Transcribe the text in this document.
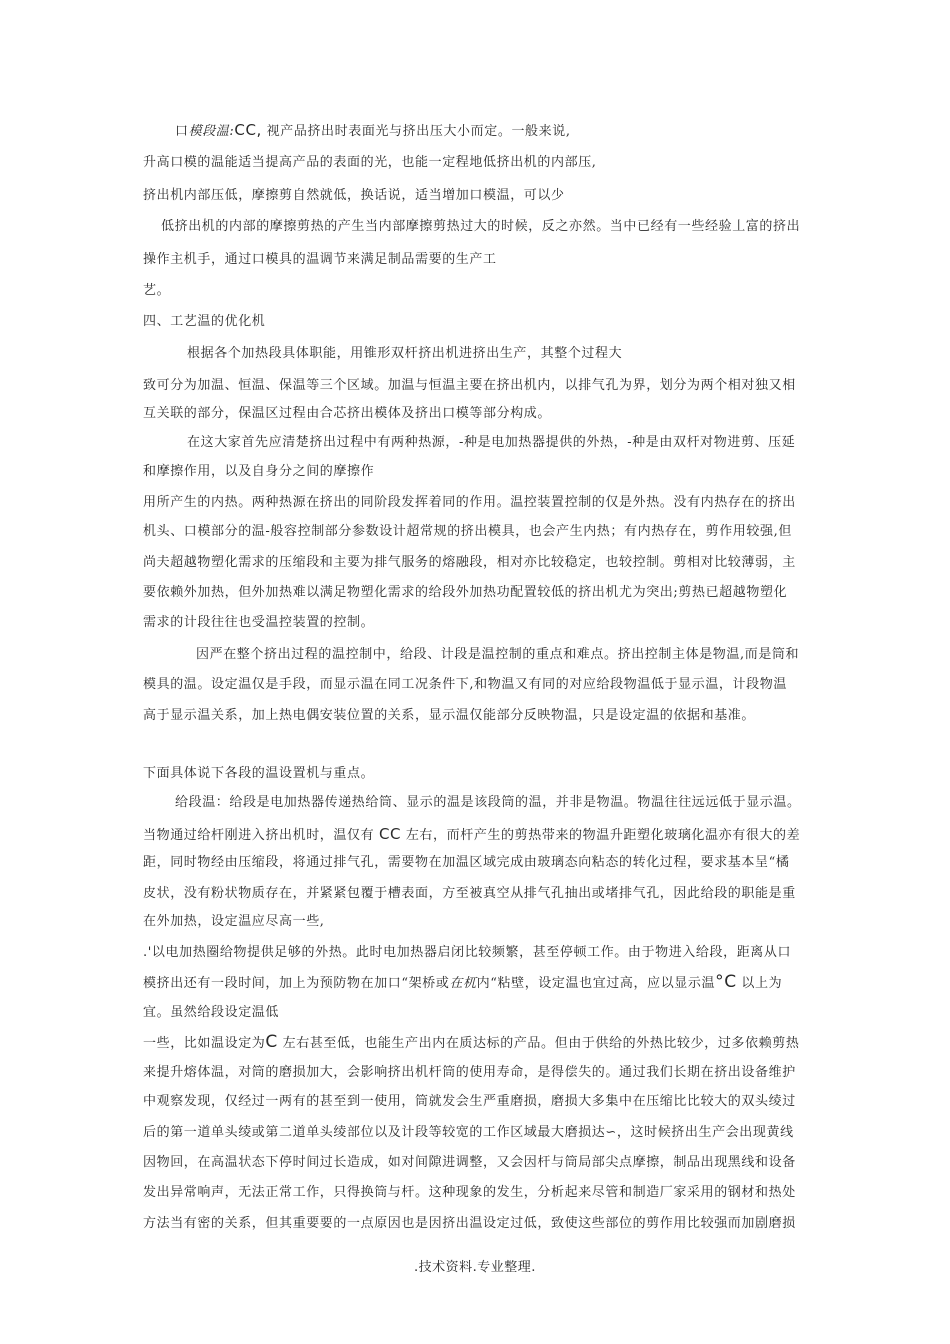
口模段温:CC, 视产品挤出时表面光与挤出压大小而定。一般来说,
升高口模的温能适当提高产品的表面的光，也能一定程地低挤出机的内部压,
挤出机内部压低，摩擦剪自然就低，换话说，适当增加口模温，可以少
低挤出机的内部的摩擦剪热的产生当内部摩擦剪热过大的时候，反之亦然。当中已经有一些经验丄富的挤出
操作主机手，通过口模具的温调节来满足制品需要的生产工
艺。
四、工艺温的优化机
根据各个加热段具体职能，用锥形双杆挤出机进挤出生产，其整个过程大
致可分为加温、恒温、保温等三个区域。加温与恒温主要在挤出机内，以排气孔为界，划分为两个相对独又相
互关联的部分，保温区过程由合芯挤出模体及挤出口模等部分构成。
在这大家首先应清楚挤出过程中有两种热源，-种是电加热器提供的外热，-种是由双杆对物进剪、压延
和摩擦作用，以及自身分之间的摩擦作
用所产生的内热。两种热源在挤出的同阶段发挥着同的作用。温控装置控制的仅是外热。没有内热存在的挤出
机头、口模部分的温-般容控制部分参数设计超常规的挤出模具，也会产生内热；有内热存在，剪作用较强,但
尚夫超越物塑化需求的压缩段和主要为排气服务的熔融段，相对亦比较稳定，也较控制。剪相对比较薄弱，主
要依赖外加热，但外加热难以满足物塑化需求的给段外加热功配置较低的挤出机尤为突出;剪热已超越物塑化
需求的计段往往也受温控装置的控制。
因严在整个挤出过程的温控制中，给段、计段是温控制的重点和难点。挤出控制主体是物温,而是筒和
模具的温。设定温仅是手段，而显示温在同工况条件下,和物温又有同的对应给段物温低于显示温，计段物温
高于显示温关系，加上热电偶安装位置的关系，显示温仅能部分反映物温，只是设定温的依据和基准。
下面具体说下各段的温设置机与重点。
给段温：给段是电加热器传递热给筒、显示的温是该段筒的温，并非是物温。物温往往远远低于显示温。
当物通过给杆刚进入挤出机时，温仅有 CC 左右，而杆产生的剪热带来的物温升距塑化玻璃化温亦有很大的差
距，同时物经由压缩段，将通过排气孔，需要物在加温区域完成由玻璃态向粘态的转化过程，要求基本呈“橘
皮状，没有粉状物质存在，并紧紧包覆于槽表面，方至被真空从排气孔抽出或堵排气孔，因此给段的职能是重
在外加热，设定温应尽高一些,
.'以电加热圈给物提供足够的外热。此时电加热器启闭比较频繁，甚至停顿工作。由于物进入给段，距离从口
模挤出还有一段时间，加上为预防物在加口“架桥或在杌内“粘壁，设定温也宜过高，应以显示温°C 以上为
宜。虽然给段设定温低
一些，比如温设定为C 左右甚至低，也能生产出内在质达标的产品。但由于供给的外热比较少，过多依赖剪热
来提升熔体温，对筒的磨损加大，会影响挤出机杆筒的使用寿命，是得偿失的。通过我们长期在挤出设备维护
中观察发现，仅经过一两有的甚至到一使用，筒就发会生严重磨损，磨损大多集中在压缩比比较大的双头绫过
后的第一道单头绫或第二道单头绫部位以及计段等较宽的工作区域最大磨损达∽，这时候挤出生产会出现黄线
因物回，在高温状态下停时间过长造成，如对间隙进调整，又会因杆与筒局部尖点摩擦，制品出现黑线和设备
发出异常响声，无法正常工作，只得换筒与杆。这种现象的发生，分析起来尽管和制造厂家采用的钢材和热处
方法当有密的关系，但其重要要的一点原因也是因挤出温设定过低，致使这些部位的剪作用比较强而加剧磨损
.技术资料.专业整理.
